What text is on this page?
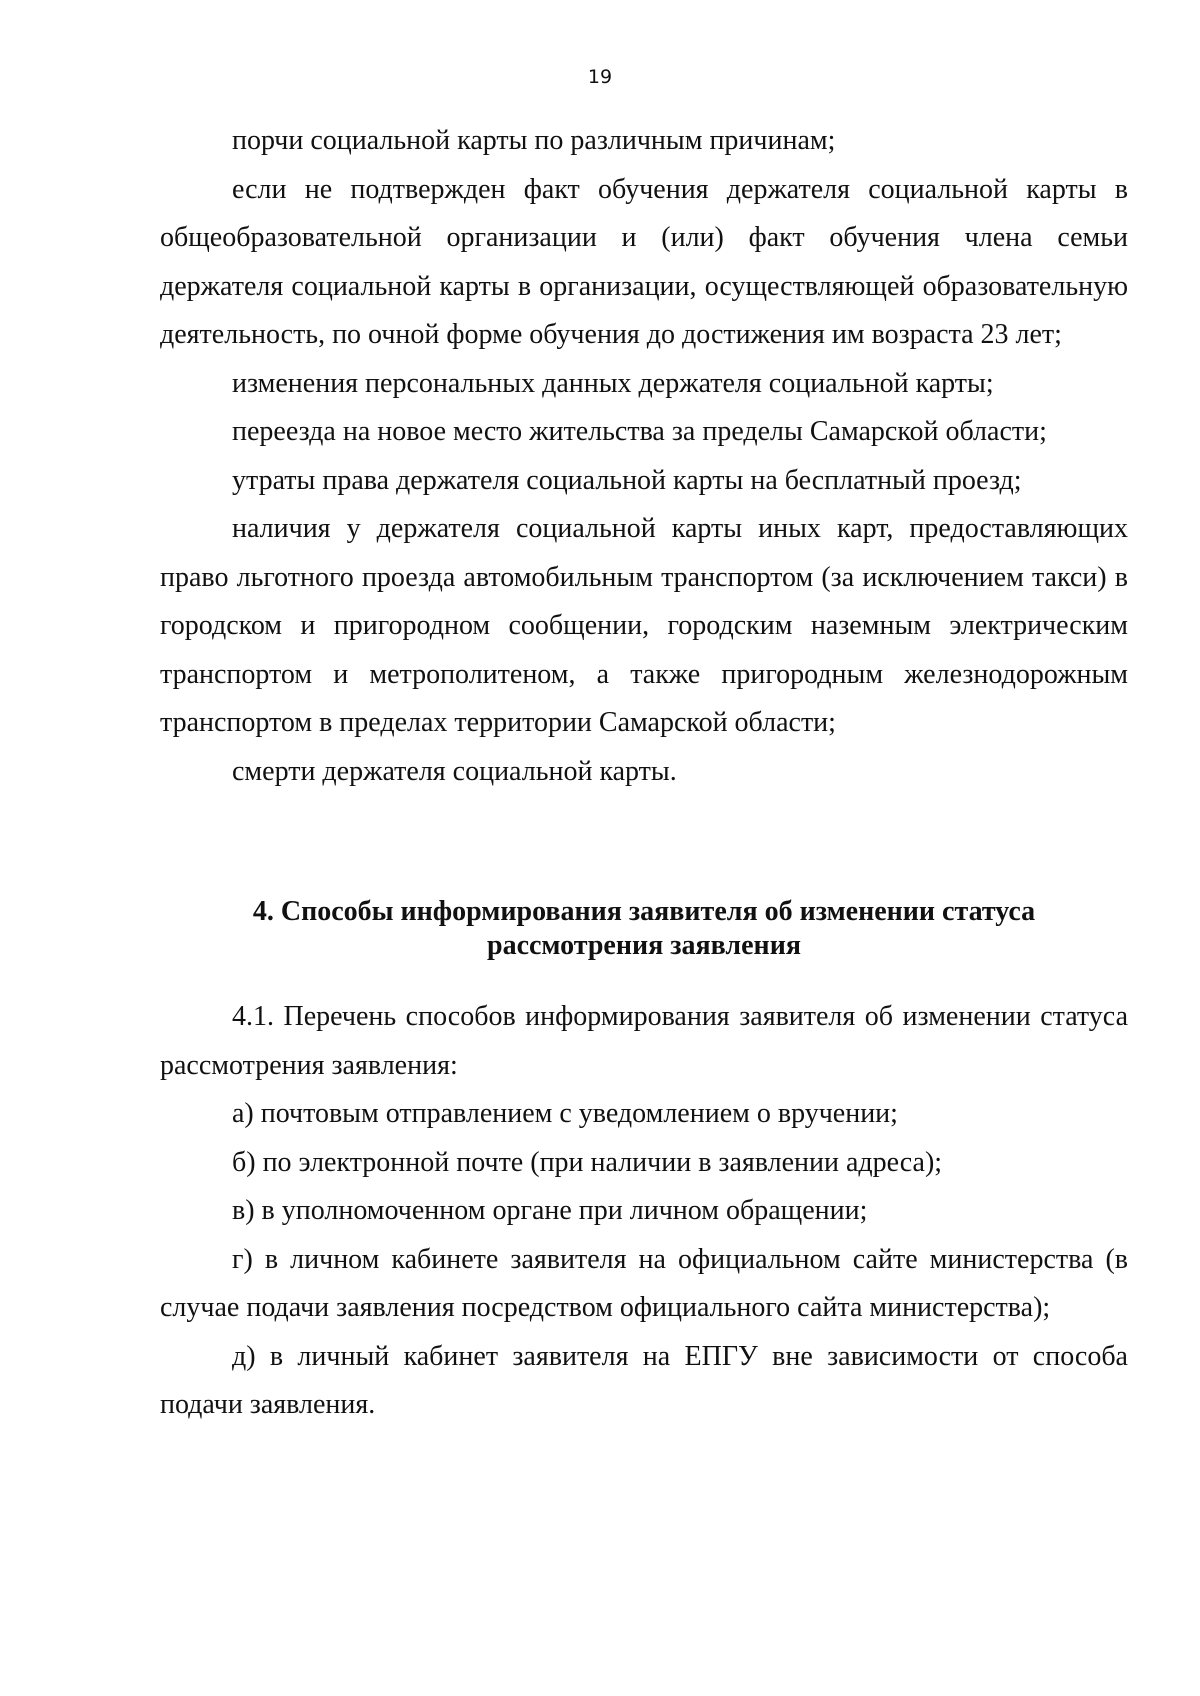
19

порчи социальной карты по различным причинам;

если не подтвержден факт обучения держателя социальной карты в общеобразовательной организации и (или) факт обучения члена семьи держателя социальной карты в организации, осуществляющей образовательную деятельность, по очной форме обучения до достижения им возраста 23 лет;

изменения персональных данных держателя социальной карты;

переезда на новое место жительства за пределы Самарской области;

утраты права держателя социальной карты на бесплатный проезд;

наличия у держателя социальной карты иных карт, предоставляющих право льготного проезда автомобильным транспортом (за исключением такси) в городском и пригородном сообщении, городским наземным электрическим транспортом и метрополитеном, а также пригородным железнодорожным транспортом в пределах территории Самарской области;

смерти держателя социальной карты.

4. Способы информирования заявителя об изменении статуса
рассмотрения заявления

4.1. Перечень способов информирования заявителя об изменении статуса рассмотрения заявления:

а) почтовым отправлением с уведомлением о вручении;

б) по электронной почте (при наличии в заявлении адреса);

в) в уполномоченном органе при личном обращении;

г) в личном кабинете заявителя на официальном сайте министерства (в случае подачи заявления посредством официального сайта министерства);

д) в личный кабинет заявителя на ЕПГУ вне зависимости от способа подачи заявления.
